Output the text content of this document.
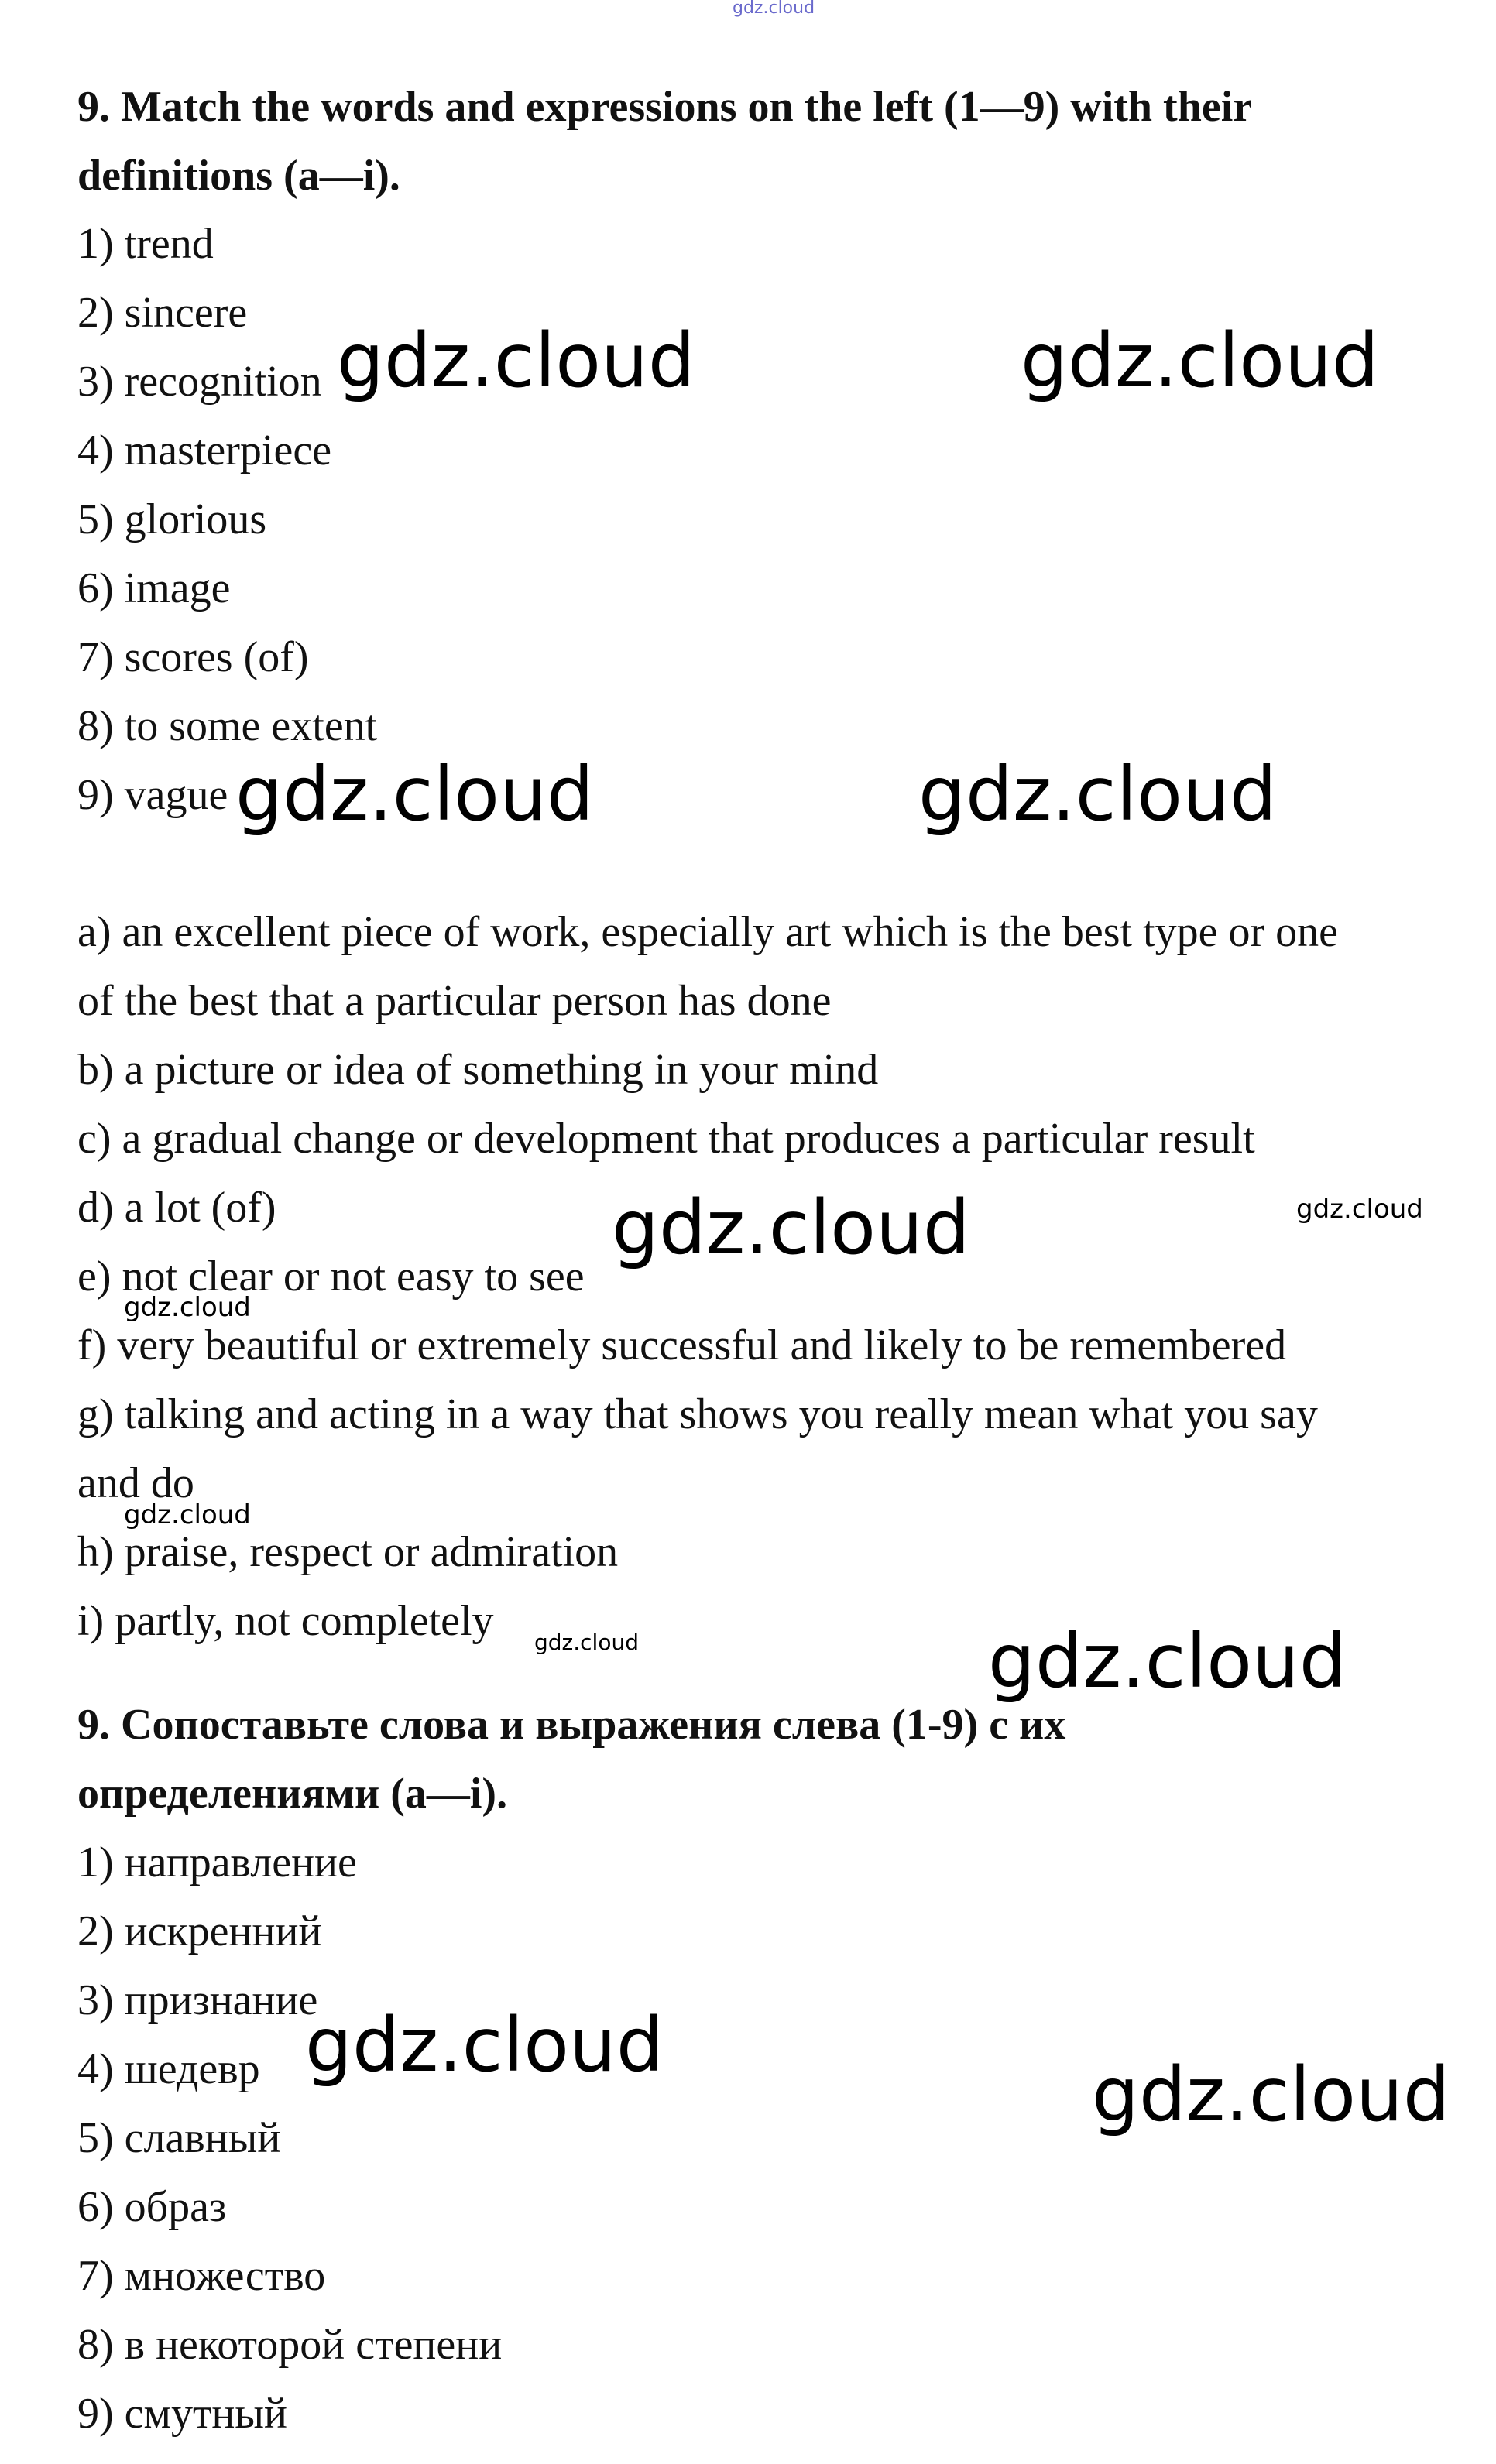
gdz.cloud
9. Match the words and expressions on the left (1—9) with their
definitions (a—i).
1) trend
2) sincere
3) recognition
4) masterpiece
5) glorious
6) image
7) scores (of)
8) to some extent
9) vague
a) an excellent piece of work, especially art which is the best type or one
of the best that a particular person has done
b) a picture or idea of something in your mind
c) a gradual change or development that produces a particular result
d) a lot (of)
e) not clear or not easy to see
f) very beautiful or extremely successful and likely to be remembered
g) talking and acting in a way that shows you really mean what you say
and do
h) praise, respect or admiration
i) partly, not completely
9. Сопоставьте слова и выражения слева (1-9) с их
определениями (a—i).
1) направление
2) искренний
3) признание
4) шедевр
5) славный
6) образ
7) множество
8) в некоторой степени
9) смутный
gdz.cloud	gdz.cloud
gdz.cloud	gdz.cloud
gdz.cloud
gdz.cloud
gdz.cloud
gdz.cloud
gdz.cloud
gdz.cloud
gdz.cloud
gdz.cloud
